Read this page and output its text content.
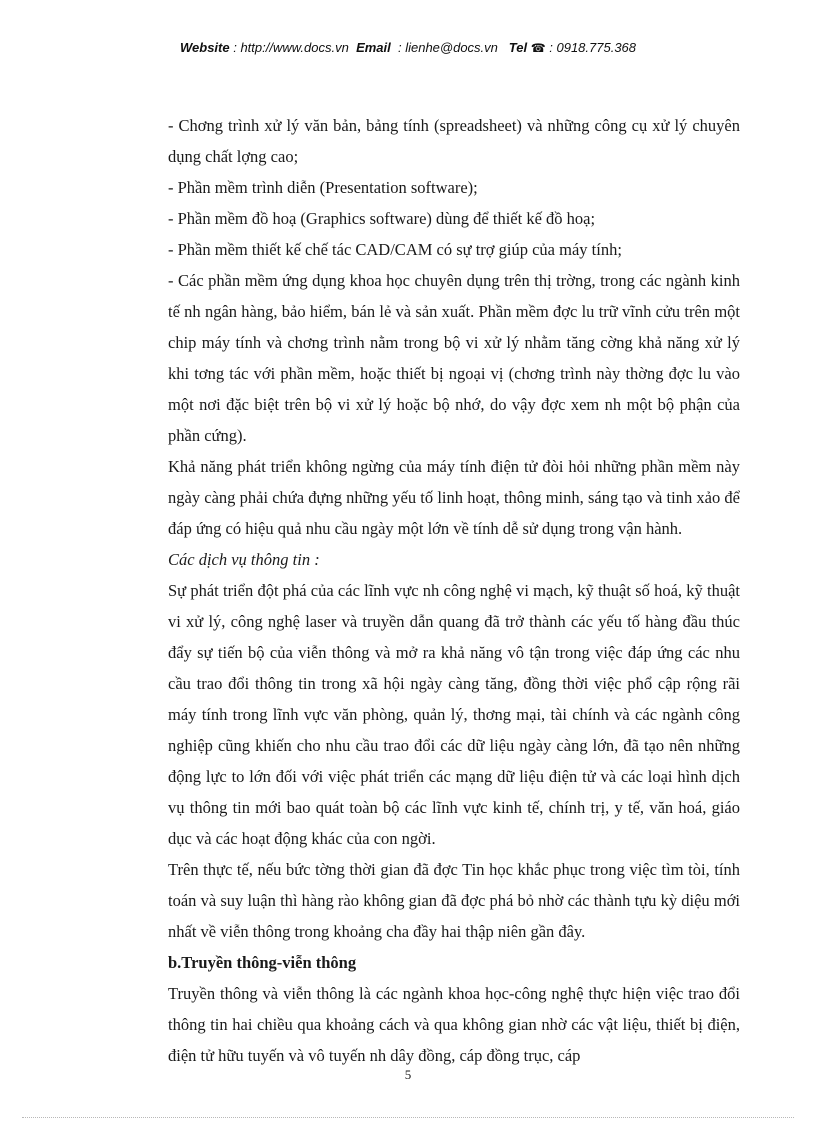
Website : http://www.docs.vn Email : lienhe@docs.vn Tel ☎ : 0918.775.368

- Chơng trình xử lý văn bản, bảng tính (spreadsheet) và những công cụ xử lý chuyên dụng chất lợng cao;

- Phần mềm trình diễn (Presentation software);

- Phần mềm đồ hoạ (Graphics software) dùng để thiết kế đồ hoạ;

- Phần mềm thiết kế chế tác CAD/CAM có sự trợ giúp của máy tính;

- Các phần mềm ứng dụng khoa học chuyên dụng trên thị trờng, trong các ngành kinh tế nh ngân hàng, bảo hiểm, bán lẻ và sản xuất. Phần mềm đợc lu trữ vĩnh cửu trên một chip máy tính và chơng trình nằm trong bộ vi xử lý nhằm tăng cờng khả năng xử lý khi tơng tác với phần mềm, hoặc thiết bị ngoại vị (chơng trình này thờng đợc lu vào một nơi đặc biệt trên bộ vi xử lý hoặc bộ nhớ, do vậy đợc xem nh một bộ phận của phần cứng).

Khả năng phát triển không ngừng của máy tính điện tử đòi hỏi những phần mềm này ngày càng phải chứa đựng những yếu tố linh hoạt, thông minh, sáng tạo và tinh xảo để đáp ứng có hiệu quả nhu cầu ngày một lớn về tính dễ sử dụng trong vận hành.

Các dịch vụ thông tin :

Sự phát triển đột phá của các lĩnh vực nh công nghệ vi mạch, kỹ thuật số hoá, kỹ thuật vi xử lý, công nghệ laser và truyền dẫn quang đã trở thành các yếu tố hàng đầu thúc đẩy sự tiến bộ của viễn thông và mở ra khả năng vô tận trong việc đáp ứng các nhu cầu trao đổi thông tin trong xã hội ngày càng tăng, đồng thời việc phổ cập rộng rãi máy tính trong lĩnh vực văn phòng, quản lý, thơng mại, tài chính và các ngành công nghiệp cũng khiến cho nhu cầu trao đổi các dữ liệu ngày càng lớn, đã tạo nên những động lực to lớn đối với việc phát triển các mạng dữ liệu điện tử và các loại hình dịch vụ thông tin mới bao quát toàn bộ các lĩnh vực kinh tế, chính trị, y tế, văn hoá, giáo dục và các hoạt động khác của con ngời.

Trên thực tế, nếu bức tờng thời gian đã đợc Tin học khắc phục trong việc tìm tòi, tính toán và suy luận thì hàng rào không gian đã đợc phá bỏ nhờ các thành tựu kỳ diệu mới nhất về viễn thông trong khoảng cha đầy hai thập niên gần đây.

b.Truyền thông-viễn thông

Truyền thông và viễn thông là các ngành khoa học-công nghệ thực hiện việc trao đổi thông tin hai chiều qua khoảng cách và qua không gian nhờ các vật liệu, thiết bị điện, điện tử hữu tuyến và vô tuyến nh dây đồng, cáp đồng trục, cáp

5
